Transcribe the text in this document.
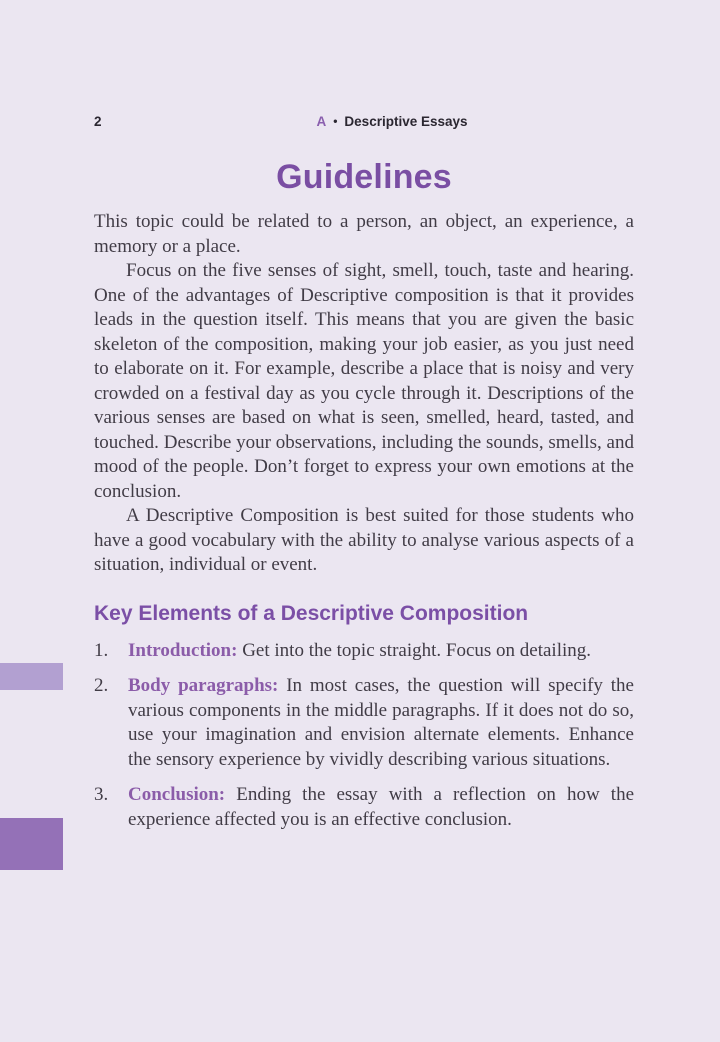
2	A • Descriptive Essays
Guidelines

This topic could be related to a person, an object, an experience, a memory or a place.

Focus on the five senses of sight, smell, touch, taste and hearing. One of the advantages of Descriptive composition is that it provides leads in the question itself. This means that you are given the basic skeleton of the composition, making your job easier, as you just need to elaborate on it. For example, describe a place that is noisy and very crowded on a festival day as you cycle through it. Descriptions of the various senses are based on what is seen, smelled, heard, tasted, and touched. Describe your observations, including the sounds, smells, and mood of the people. Don’t forget to express your own emotions at the conclusion.

A Descriptive Composition is best suited for those students who have a good vocabulary with the ability to analyse various aspects of a situation, individual or event.

Key Elements of a Descriptive Composition
1.	Introduction: Get into the topic straight. Focus on detailing.
2.	Body paragraphs: In most cases, the question will specify the various components in the middle paragraphs. If it does not do so, use your imagination and envision alternate elements. Enhance the sensory experience by vividly describing various situations.
3.	Conclusion: Ending the essay with a reflection on how the experience affected you is an effective conclusion.
